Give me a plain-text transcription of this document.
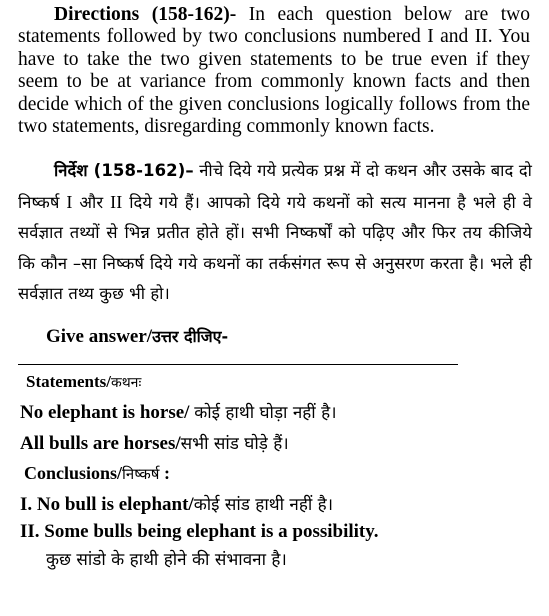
Directions (158-162)- In each question below are two statements followed by two conclusions numbered I and II. You have to take the two given statements to be true even if they seem to be at variance from commonly known facts and then decide which of the given conclusions logically follows from the two statements, disregarding commonly known facts.

निर्देश (158-162)– नीचे दिये गये प्रत्येक प्रश्न में दो कथन और उसके बाद दो निष्कर्ष I और II दिये गये हैं। आपको दिये गये कथनों को सत्य मानना है भले ही वे सर्वज्ञात तथ्यों से भिन्न प्रतीत होते हों। सभी निष्कर्षों को पढ़िए और फिर तय कीजिये कि कौन –सा निष्कर्ष दिये गये कथनों का तर्कसंगत रूप से अनुसरण करता है। भले ही सर्वज्ञात तथ्य कुछ भी हो।

Give answer/उत्तर दीजिए-

Statements/कथनः

No elephant is horse/ कोई हाथी घोड़ा नहीं है।

All bulls are horses/सभी सांड घोड़े हैं।

Conclusions/निष्कर्ष :

I. No bull is elephant/कोई सांड हाथी नहीं है।

II. Some bulls being elephant is a possibility.

कुछ सांडो के हाथी होने की संभावना है।
